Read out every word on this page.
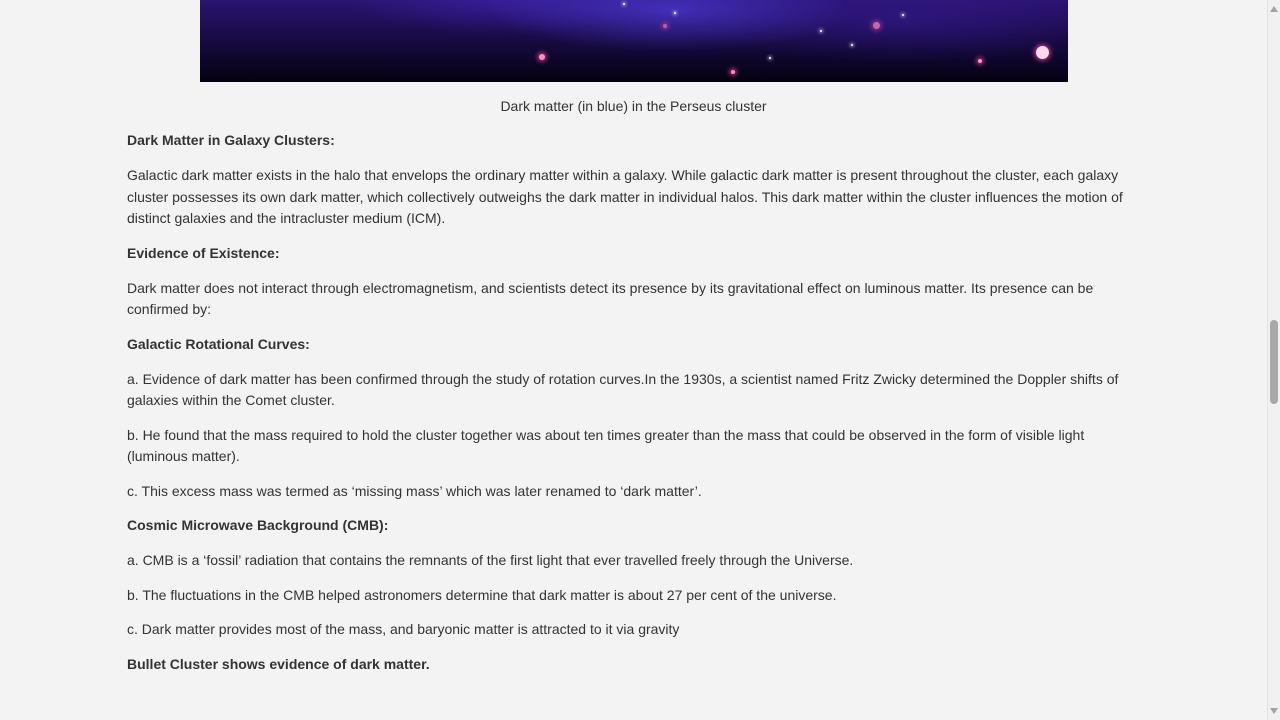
Dark matter (in blue) in the Perseus cluster
Dark Matter in Galaxy Clusters:
Galactic dark matter exists in the halo that envelops the ordinary matter within a galaxy. While galactic dark matter is present throughout the cluster, each galaxy cluster possesses its own dark matter, which collectively outweighs the dark matter in individual halos. This dark matter within the cluster influences the motion of distinct galaxies and the intracluster medium (ICM).
Evidence of Existence:
Dark matter does not interact through electromagnetism, and scientists detect its presence by its gravitational effect on luminous matter. Its presence can be confirmed by:
Galactic Rotational Curves:
a. Evidence of dark matter has been confirmed through the study of rotation curves.In the 1930s, a scientist named Fritz Zwicky determined the Doppler shifts of galaxies within the Comet cluster.
b. He found that the mass required to hold the cluster together was about ten times greater than the mass that could be observed in the form of visible light (luminous matter).
c. This excess mass was termed as ‘missing mass’ which was later renamed to ‘dark matter’.
Cosmic Microwave Background (CMB):
a. CMB is a ‘fossil’ radiation that contains the remnants of the first light that ever travelled freely through the Universe.
b. The fluctuations in the CMB helped astronomers determine that dark matter is about 27 per cent of the universe.
c. Dark matter provides most of the mass, and baryonic matter is attracted to it via gravity
Bullet Cluster shows evidence of dark matter.
